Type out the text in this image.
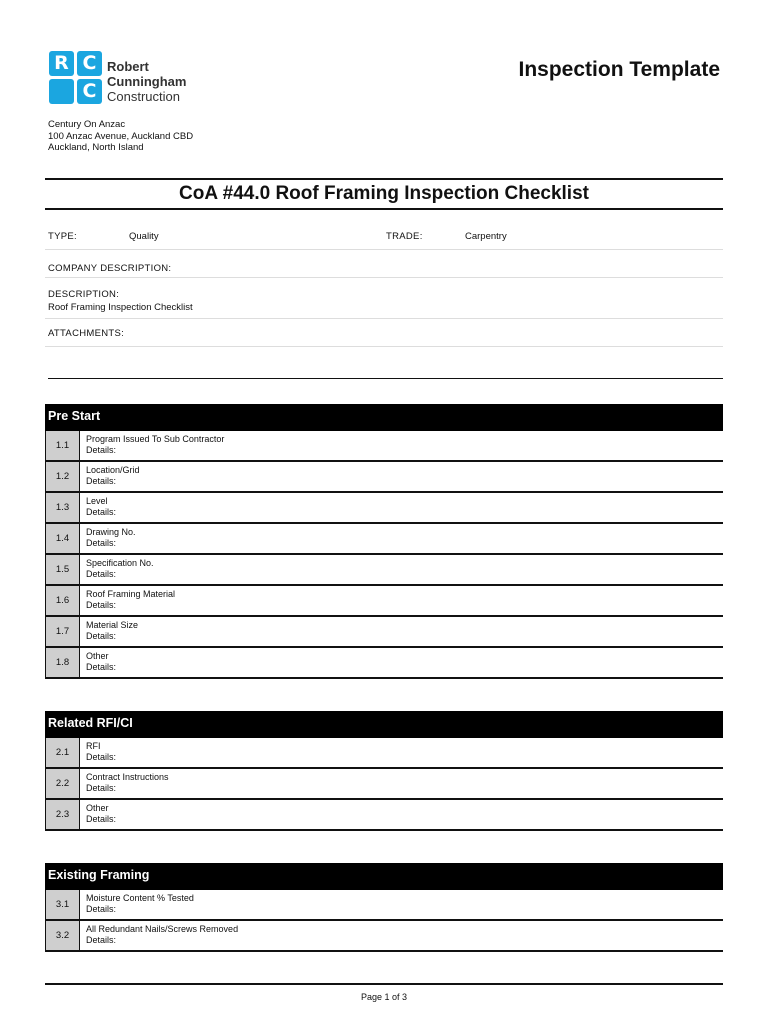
R C
C
Robert
Cunningham
Construction
Inspection Template
Century On Anzac
100 Anzac Avenue, Auckland CBD
Auckland, North Island
CoA #44.0 Roof Framing Inspection Checklist
TYPE:	Quality	TRADE:	Carpentry
COMPANY DESCRIPTION:
DESCRIPTION:
Roof Framing Inspection Checklist
ATTACHMENTS:
Pre Start
1.1
Program Issued To Sub Contractor
Details:
1.2
Location/Grid
Details:
1.3
Level
Details:
1.4
Drawing No.
Details:
1.5
Specification No.
Details:
1.6
Roof Framing Material
Details:
1.7
Material Size
Details:
1.8
Other
Details:
Related RFI/CI
2.1
RFI
Details:
2.2
Contract Instructions
Details:
2.3
Other
Details:
Existing Framing
3.1
Moisture Content % Tested
Details:
3.2
All Redundant Nails/Screws Removed
Details:
Page 1 of 3
